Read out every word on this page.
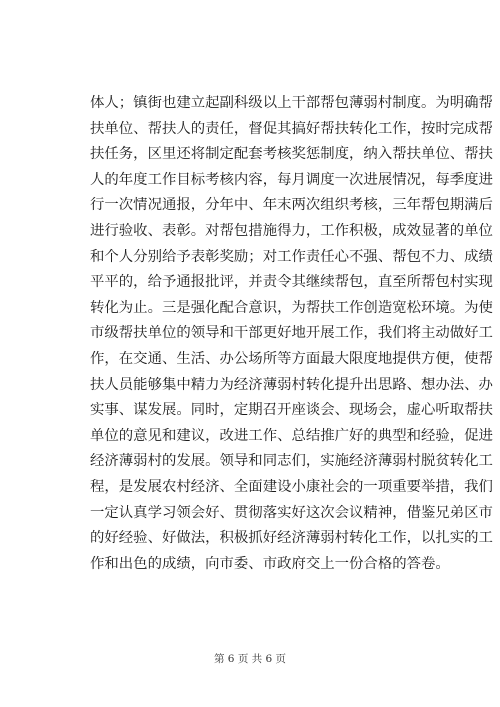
体人；镇街也建立起副科级以上干部帮包薄弱村制度。为明确帮
扶单位、帮扶人的责任，督促其搞好帮扶转化工作，按时完成帮
扶任务，区里还将制定配套考核奖惩制度，纳入帮扶单位、帮扶
人的年度工作目标考核内容，每月调度一次进展情况，每季度进
行一次情况通报，分年中、年末两次组织考核，三年帮包期满后
进行验收、表彰。对帮包措施得力，工作积极，成效显著的单位
和个人分别给予表彰奖励；对工作责任心不强、帮包不力、成绩
平平的，给予通报批评，并责令其继续帮包，直至所帮包村实现
转化为止。三是强化配合意识，为帮扶工作创造宽松环境。为使
市级帮扶单位的领导和干部更好地开展工作，我们将主动做好工
作，在交通、生活、办公场所等方面最大限度地提供方便，使帮
扶人员能够集中精力为经济薄弱村转化提升出思路、想办法、办
实事、谋发展。同时，定期召开座谈会、现场会，虚心听取帮扶
单位的意见和建议，改进工作、总结推广好的典型和经验，促进
经济薄弱村的发展。领导和同志们，实施经济薄弱村脱贫转化工
程，是发展农村经济、全面建设小康社会的一项重要举措，我们
一定认真学习领会好、贯彻落实好这次会议精神，借鉴兄弟区市
的好经验、好做法，积极抓好经济薄弱村转化工作，以扎实的工
作和出色的成绩，向市委、市政府交上一份合格的答卷。
第 6 页 共 6 页
